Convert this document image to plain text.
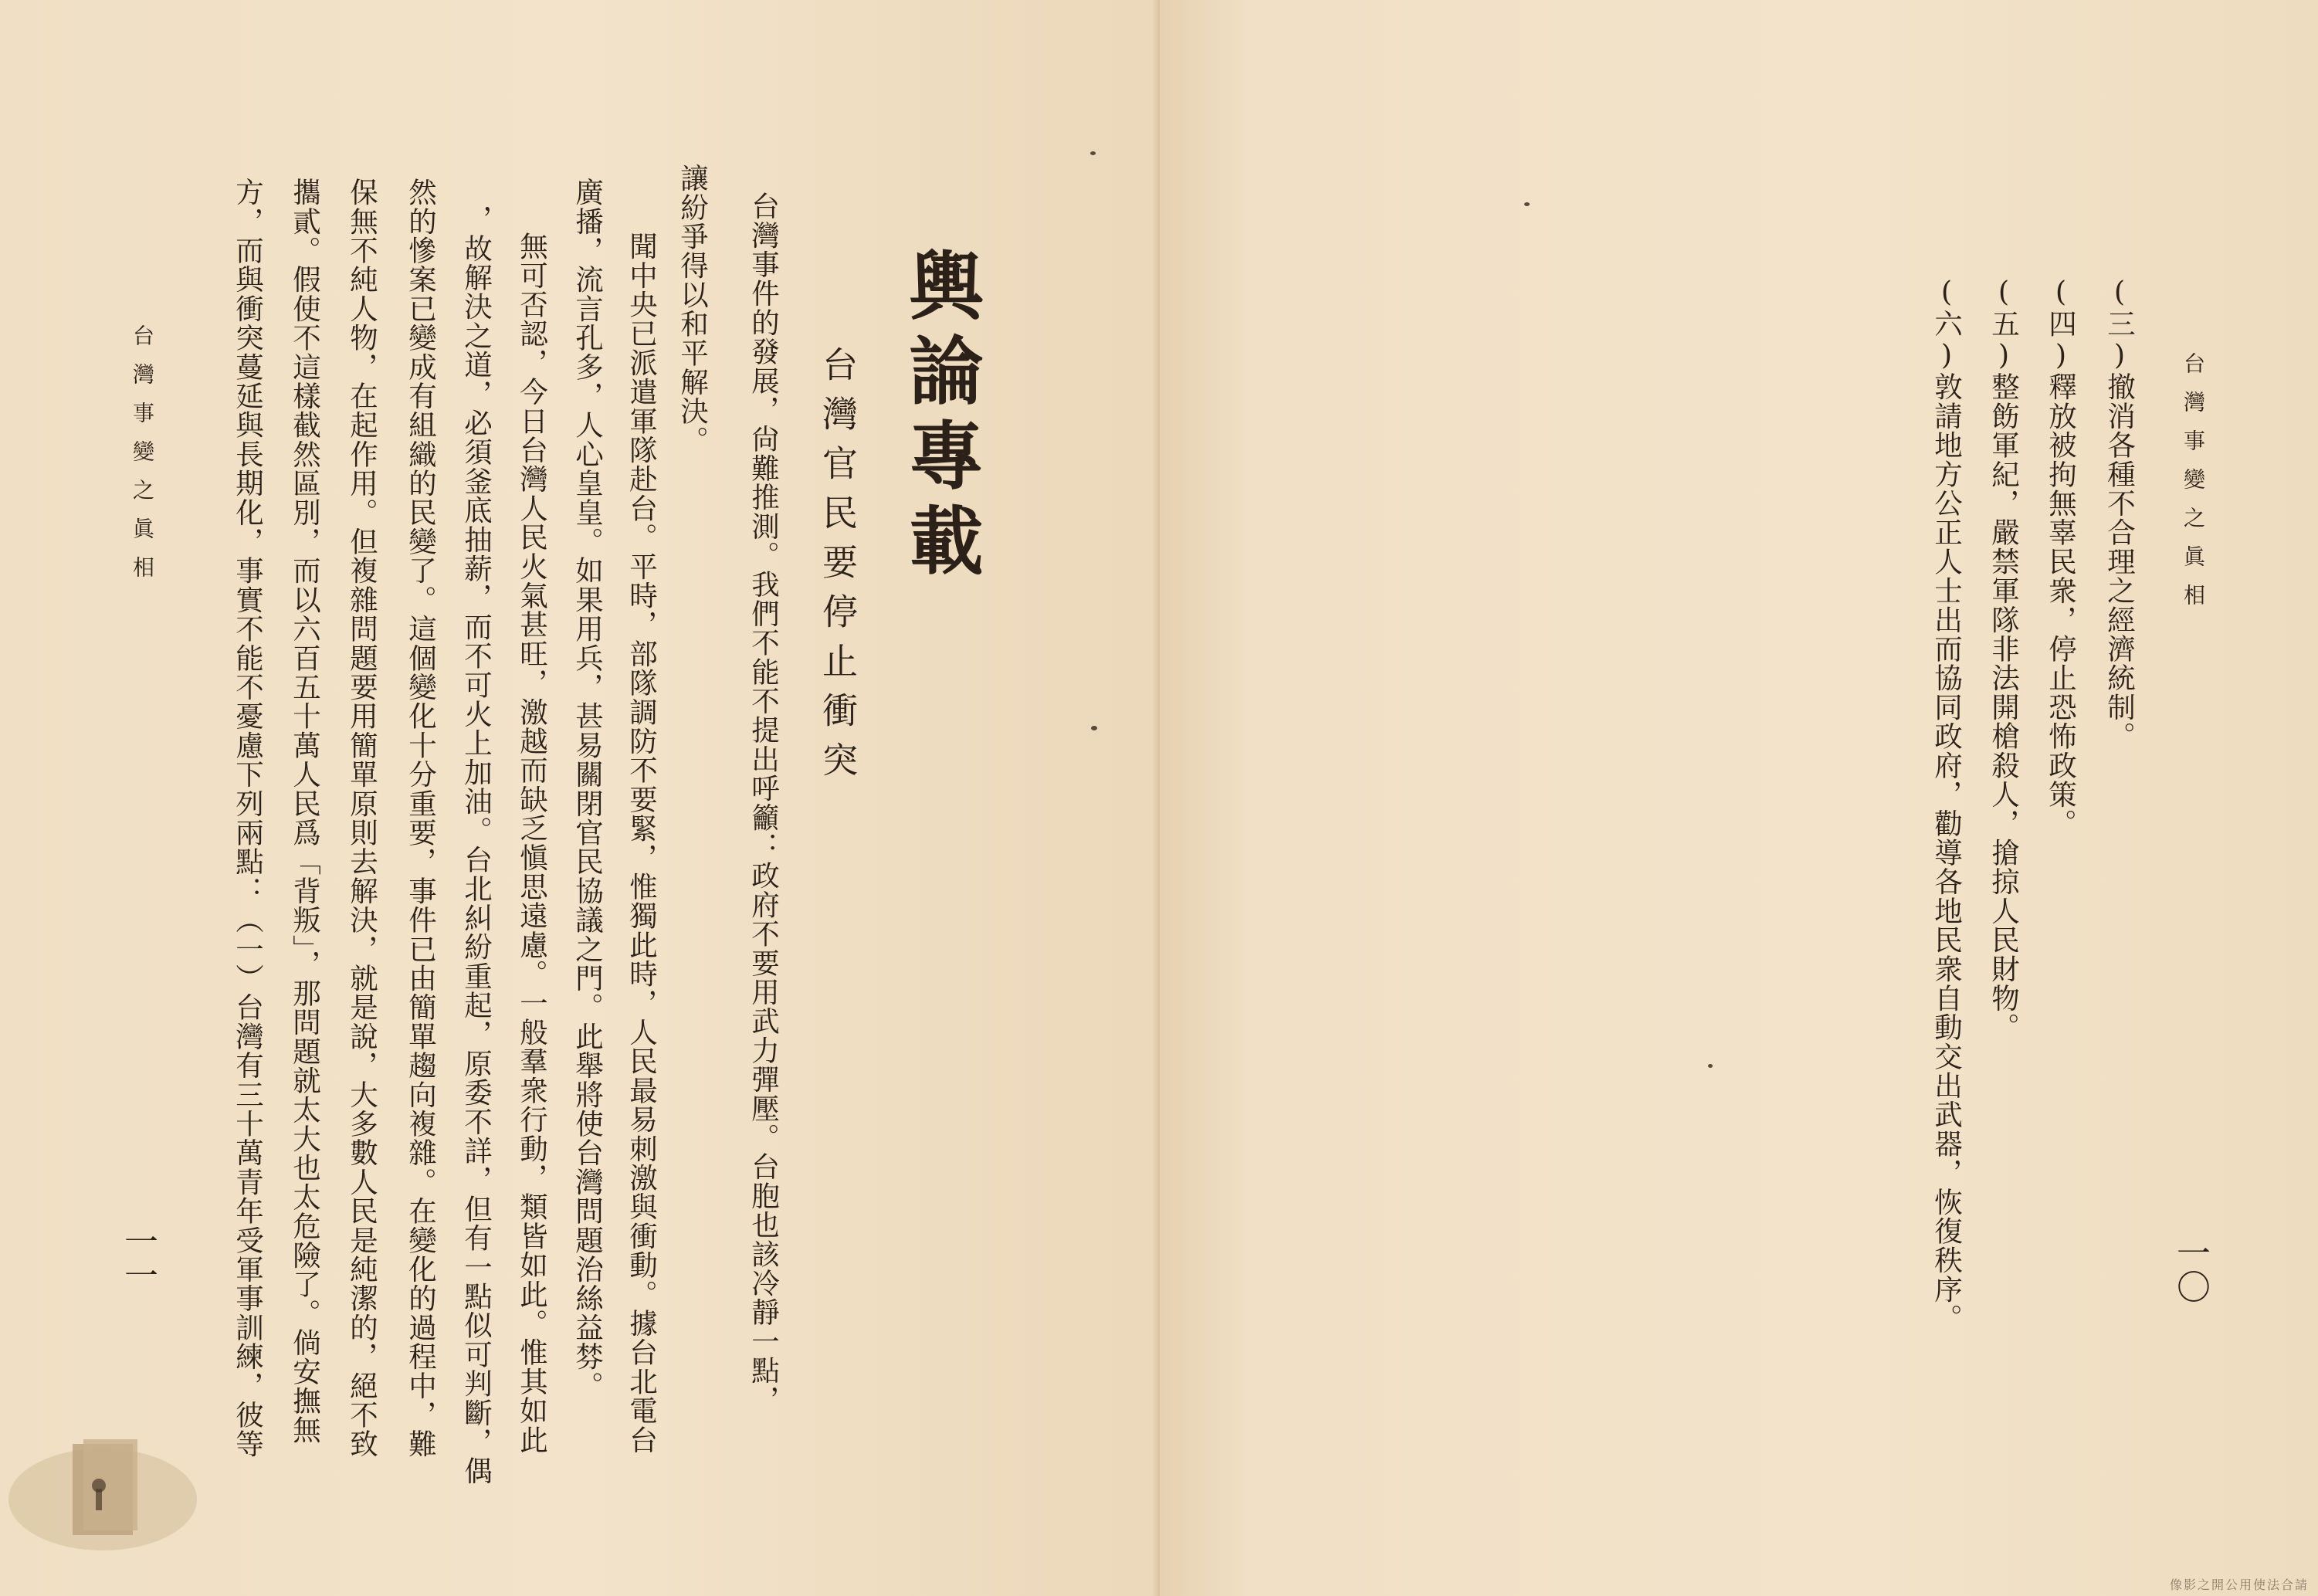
台灣事變之眞相
一一
輿論專載
台灣官民要停止衝突
台灣事件的發展，尙難推測。我們不能不提出呼籲：政府不要用武力彈壓。台胞也該冷靜一點，
讓紛爭得以和平解決。
聞中央已派遣軍隊赴台。平時，部隊調防不要緊，惟獨此時，人民最易刺激與衝動。據台北電台
廣播，流言孔多，人心皇皇。如果用兵，甚易關閉官民協議之門。此舉將使台灣問題治絲益棼。
無可否認，今日台灣人民火氣甚旺，激越而缺乏愼思遠慮。一般羣衆行動，類皆如此。惟其如此
，故解決之道，必須釜底抽薪，而不可火上加油。台北糾紛重起，原委不詳，但有一點似可判斷，偶
然的慘案已變成有組織的民變了。這個變化十分重要，事件已由簡單趨向複雜。在變化的過程中，難
保無不純人物，在起作用。但複雜問題要用簡單原則去解決，就是說，大多數人民是純潔的，絕不致
攜貳。假使不這樣截然區別，而以六百五十萬人民爲「背叛」，那問題就太大也太危險了。倘安撫無
方，而與衝突蔓延與長期化，事實不能不憂慮下列兩點：（一）台灣有三十萬青年受軍事訓練，彼等	台灣事變之眞相
一〇
(三)撤消各種不合理之經濟統制。
(四)釋放被拘無辜民衆，停止恐怖政策。
(五)整飭軍紀，嚴禁軍隊非法開槍殺人，搶掠人民財物。
(六)敦請地方公正人士出而協同政府，勸導各地民衆自動交出武器，恢復秩序。
像影之開公用使法合請
